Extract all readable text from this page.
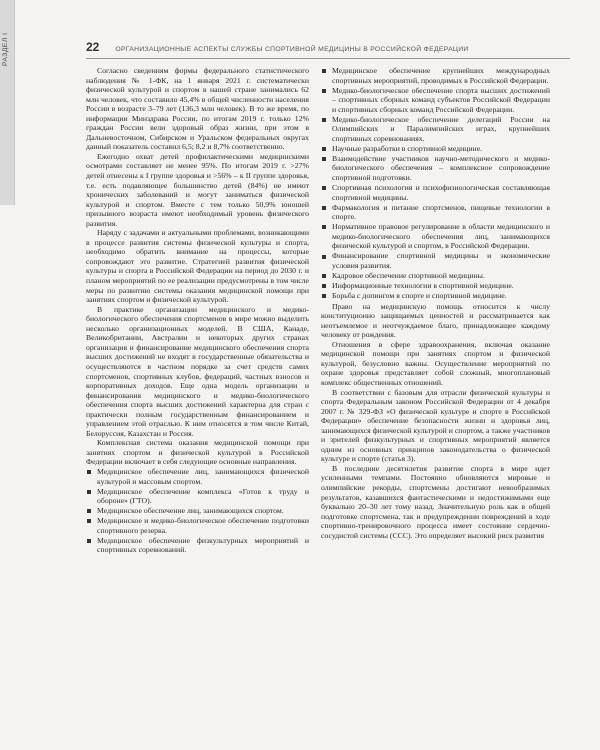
РАЗДЕЛ I	22 ОРГАНИЗАЦИОННЫЕ АСПЕКТЫ СЛУЖБЫ СПОРТИВНОЙ МЕДИЦИНЫ В РОССИЙСКОЙ ФЕДЕРАЦИИ

Согласно сведениям формы федерального статистического наблюдения № 1-ФК, на 1 января 2021 г. систематически физической культурой и спортом в нашей стране занимались 62 млн человек, что составило 45,4% в общей численности населения России в возрасте 3–79 лет (136,3 млн человек). В то же время, по информации Минздрава России, по итогам 2019 г. только 12% граждан России вели здоровый образ жизни, при этом в Дальневосточном, Сибирском и Уральском федеральных округах данный показатель составил 6,5; 8,2 и 8,7% соответственно.

Ежегодно охват детей профилактическими медицинскими осмотрами составляет не менее 95%. По итогам 2019 г. >27% детей отнесены к I группе здоровья и >56% – к II группе здоровья, т.е. есть подавляющее большинство детей (84%) не имеют хронических заболеваний и могут заниматься физической культурой и спортом. Вместе с тем только 50,9% юношей призывного возраста имеют необходимый уровень физического развития.

Наряду с задачами и актуальными проблемами, возникающими в процессе развития системы физической культуры и спорта, необходимо обратить внимание на процессы, которые сопровождают это развитие. Стратегией развития физической культуры и спорта в Российской Федерации на период до 2030 г. и планом мероприятий по ее реализации предусмотрены в том числе меры по развитию системы оказания медицинской помощи при занятиях спортом и физической культурой.

В практике организации медицинского и медико-биологического обеспечения спортсменов в мире можно выделить несколько организационных моделей. В США, Канаде, Великобритании, Австралии и некоторых других странах организация и финансирование медицинского обеспечения спорта высших достижений не входят в государственные обязательства и осуществляются в частном порядке за счет средств самих спортсменов, спортивных клубов, федераций, частных взносов и корпоративных доходов. Еще одна модель организации и финансирования медицинского и медико-биологического обеспечения спорта высших достижений характерна для стран с практически полным государственным финансированием и управлением этой отраслью. К ним относятся в том числе Китай, Белоруссия, Казахстан и Россия.

Комплексная система оказания медицинской помощи при занятиях спортом и физической культурой в Российской Федерации включает в себя следующие основные направления.

Медицинское обеспечение лиц, занимающихся физической культурой и массовым спортом.
Медицинское обеспечение комплекса «Готов к труду и обороне» (ГТО).
Медицинское обеспечение лиц, занимающихся спортом.
Медицинское и медико-биологическое обеспечение подготовки спортивного резерва.
Медицинское обеспечение физкультурных мероприятий и спортивных соревнований.
Медицинское обеспечение крупнейших международных спортивных мероприятий, проводимых в Российской Федерации.
Медико-биологическое обеспечение спорта высших достижений – спортивных сборных команд субъектов Российской Федерации и спортивных сборных команд Российской Федерации.
Медико-биологическое обеспечение делегаций России на Олимпийских и Паралимпийских играх, крупнейших спортивных соревнованиях.
Научные разработки в спортивной медицине.
Взаимодействие участников научно-методического и медико-биологического обеспечения – комплексное сопровождение спортивной подготовки.
Спортивная психология и психофизиологическая составляющая спортивной медицины.
Фармакология и питание спортсменов, пищевые технологии в спорте.
Нормативное правовое регулирование в области медицинского и медико-биологического обеспечения лиц, занимающихся физической культурой и спортом, в Российской Федерации.
Финансирование спортивной медицины и экономические условия развития.
Кадровое обеспечение спортивной медицины.
Информационные технологии в спортивной медицине.
Борьба с допингом в спорте и спортивной медицине.

Право на медицинскую помощь относится к числу конституционно защищаемых ценностей и рассматривается как неотъемлемое и неотчуждаемое благо, принадлежащее каждому человеку от рождения.

Отношения в сфере здравоохранения, включая оказание медицинской помощи при занятиях спортом и физической культурой, безусловно важны. Осуществление мероприятий по охране здоровья представляет собой сложный, многоплановый комплекс общественных отношений.

В соответствии с базовым для отрасли физической культуры и спорта Федеральным законом Российской Федерации от 4 декабря 2007 г. № 329-ФЗ «О физической культуре и спорте в Российской Федерации» обеспечение безопасности жизни и здоровья лиц, занимающихся физической культурой и спортом, а также участников и зрителей физкультурных и спортивных мероприятий является одним из основных принципов законодательства о физической культуре и спорте (статья 3).

В последние десятилетия развитие спорта в мире идет усиленными темпами. Постоянно обновляются мировые и олимпийские рекорды, спортсмены достигают невообразимых результатов, казавшихся фантастическими и недостижимыми еще буквально 20–30 лет тому назад. Значительную роль как в общей подготовке спортсмена, так и предупреждении повреждений в ходе спортивно-тренировочного процесса имеет состояние сердечно-сосудистой системы (ССС). Это определяет высокий риск развития
